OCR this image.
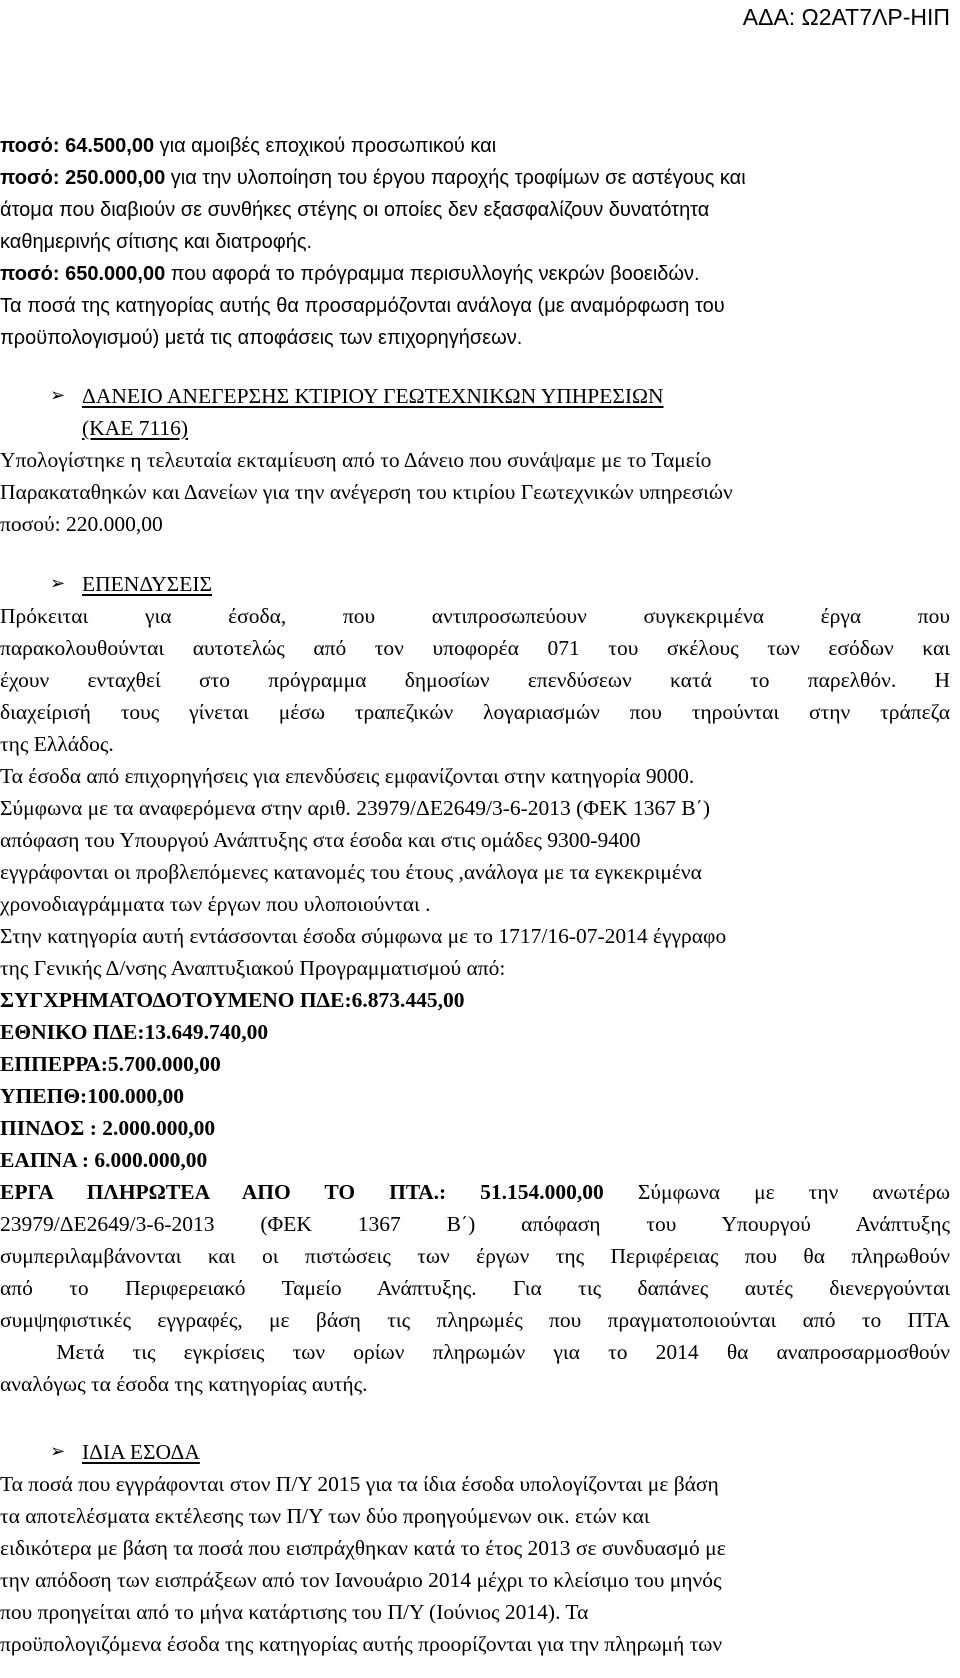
ΑΔΑ: Ω2ΑΤ7ΛΡ-ΗΙΠ
ποσό: 64.500,00 για αμοιβές εποχικού προσωπικού και
ποσό: 250.000,00 για την υλοποίηση του έργου παροχής τροφίμων σε αστέγους και
άτομα που διαβιούν σε συνθήκες στέγης οι οποίες δεν εξασφαλίζουν δυνατότητα
καθημερινής σίτισης και διατροφής.
ποσό: 650.000,00 που αφορά το πρόγραμμα περισυλλογής νεκρών βοοειδών.
Τα ποσά της κατηγορίας αυτής θα προσαρμόζονται ανάλογα (με αναμόρφωση του
προϋπολογισμού) μετά τις αποφάσεις των επιχορηγήσεων.
➢ ΔΑΝΕΙΟ ΑΝΕΓΕΡΣΗΣ ΚΤΙΡΙΟΥ ΓΕΩΤΕΧΝΙΚΩΝ ΥΠΗΡΕΣΙΩΝ
(ΚΑΕ 7116)
Υπολογίστηκε η τελευταία εκταμίευση από το Δάνειο που συνάψαμε με το Ταμείο
Παρακαταθηκών και Δανείων για την ανέγερση του κτιρίου Γεωτεχνικών υπηρεσιών
ποσού: 220.000,00
➢ ΕΠΕΝΔΥΣΕΙΣ
Πρόκειται για έσοδα, που αντιπροσωπεύουν συγκεκριμένα έργα που
παρακολουθούνται αυτοτελώς από τον υποφορέα 071 του σκέλους των εσόδων και
έχουν ενταχθεί στο πρόγραμμα δημοσίων επενδύσεων κατά το παρελθόν. Η
διαχείρισή τους γίνεται μέσω τραπεζικών λογαριασμών που τηρούνται στην τράπεζα
της Ελλάδος.
Τα έσοδα από επιχορηγήσεις για επενδύσεις εμφανίζονται στην κατηγορία 9000.
Σύμφωνα με τα αναφερόμενα στην αριθ. 23979/ΔΕ2649/3-6-2013 (ΦΕΚ 1367 Β΄)
απόφαση του Υπουργού Ανάπτυξης στα έσοδα και στις ομάδες 9300-9400
εγγράφονται οι προβλεπόμενες κατανομές του έτους ,ανάλογα με τα εγκεκριμένα
χρονοδιαγράμματα των έργων που υλοποιούνται .
Στην κατηγορία αυτή εντάσσονται έσοδα σύμφωνα με το 1717/16-07-2014 έγγραφο
της Γενικής Δ/νσης Αναπτυξιακού Προγραμματισμού από:
ΣΥΓΧΡΗΜΑΤΟΔΟΤΟΥΜΕΝΟ ΠΔΕ:6.873.445,00
ΕΘΝΙΚΟ ΠΔΕ:13.649.740,00
ΕΠΠΕΡΡΑ:5.700.000,00
ΥΠΕΠΘ:100.000,00
ΠΙΝΔΟΣ : 2.000.000,00
ΕΑΠΝΑ : 6.000.000,00
ΕΡΓΑ ΠΛΗΡΩΤΕΑ ΑΠΟ ΤΟ ΠΤΑ.: 51.154.000,00 Σύμφωνα με την ανωτέρω
23979/ΔΕ2649/3-6-2013 (ΦΕΚ 1367 Β΄) απόφαση του Υπουργού Ανάπτυξης
συμπεριλαμβάνονται και οι πιστώσεις των έργων της Περιφέρειας που θα πληρωθούν
από το Περιφερειακό Ταμείο Ανάπτυξης. Για τις δαπάνες αυτές διενεργούνται
συμψηφιστικές εγγραφές, με βάση τις πληρωμές που πραγματοποιούνται από το ΠΤΑ
Μετά τις εγκρίσεις των ορίων πληρωμών για το 2014 θα αναπροσαρμοσθούν
αναλόγως τα έσοδα της κατηγορίας αυτής.
➢ ΙΔΙΑ ΕΣΟΔΑ
Τα ποσά που εγγράφονται στον Π/Υ 2015 για τα ίδια έσοδα υπολογίζονται με βάση
τα αποτελέσματα εκτέλεσης των Π/Υ των δύο προηγούμενων οικ. ετών και
ειδικότερα με βάση τα ποσά που εισπράχθηκαν κατά το έτος 2013 σε συνδυασμό με
την απόδοση των εισπράξεων από τον Ιανουάριο 2014 μέχρι το κλείσιμο του μηνός
που προηγείται από το μήνα κατάρτισης του Π/Υ (Ιούνιος 2014). Τα
προϋπολογιζόμενα έσοδα της κατηγορίας αυτής προορίζονται για την πληρωμή των
